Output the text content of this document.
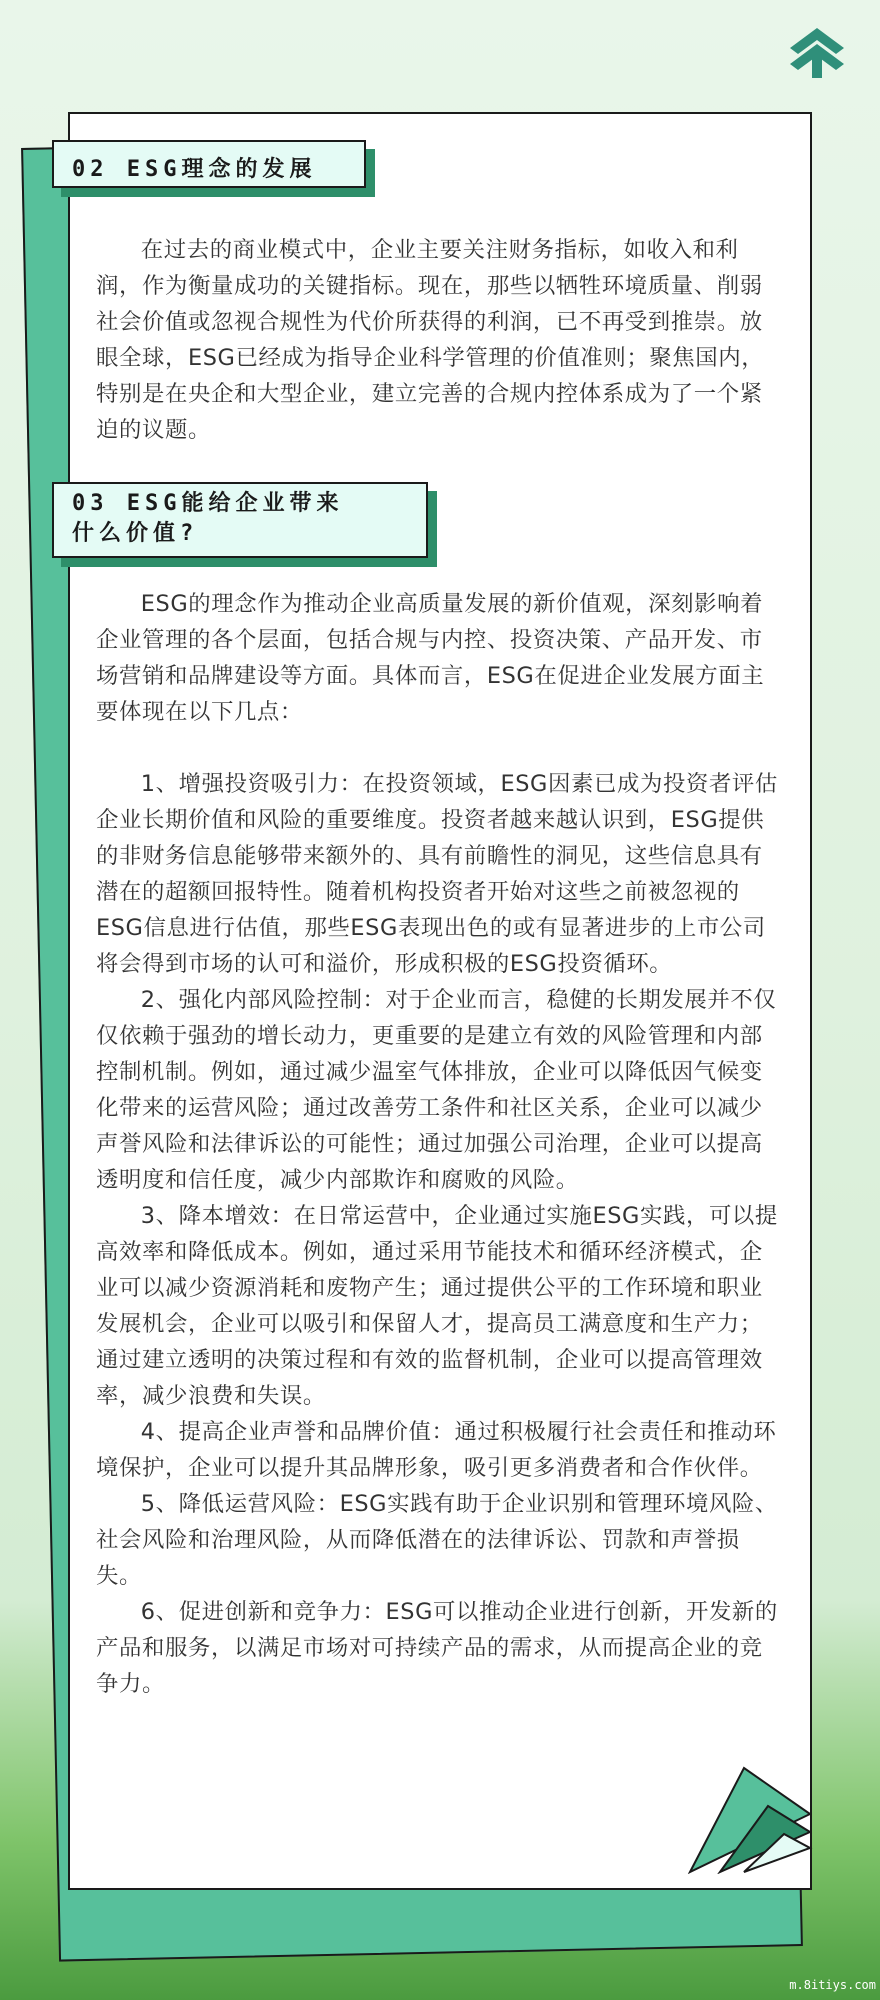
02 ESG理念的发展

在过去的商业模式中，企业主要关注财务指标，如收入和利润，作为衡量成功的关键指标。现在，那些以牺牲环境质量、削弱社会价值或忽视合规性为代价所获得的利润，已不再受到推崇。放眼全球，ESG已经成为指导企业科学管理的价值准则；聚焦国内，特别是在央企和大型企业，建立完善的合规内控体系成为了一个紧迫的议题。

03 ESG能给企业带来
什么价值?

ESG的理念作为推动企业高质量发展的新价值观，深刻影响着企业管理的各个层面，包括合规与内控、投资决策、产品开发、市场营销和品牌建设等方面。具体而言，ESG在促进企业发展方面主要体现在以下几点：

1、增强投资吸引力：在投资领域，ESG因素已成为投资者评估企业长期价值和风险的重要维度。投资者越来越认识到，ESG提供的非财务信息能够带来额外的、具有前瞻性的洞见，这些信息具有潜在的超额回报特性。随着机构投资者开始对这些之前被忽视的ESG信息进行估值，那些ESG表现出色的或有显著进步的上市公司将会得到市场的认可和溢价，形成积极的ESG投资循环。

2、强化内部风险控制：对于企业而言，稳健的长期发展并不仅仅依赖于强劲的增长动力，更重要的是建立有效的风险管理和内部控制机制。例如，通过减少温室气体排放，企业可以降低因气候变化带来的运营风险；通过改善劳工条件和社区关系，企业可以减少声誉风险和法律诉讼的可能性；通过加强公司治理，企业可以提高透明度和信任度，减少内部欺诈和腐败的风险。

3、降本增效：在日常运营中，企业通过实施ESG实践，可以提高效率和降低成本。例如，通过采用节能技术和循环经济模式，企业可以减少资源消耗和废物产生；通过提供公平的工作环境和职业发展机会，企业可以吸引和保留人才，提高员工满意度和生产力；通过建立透明的决策过程和有效的监督机制，企业可以提高管理效率，减少浪费和失误。

4、提高企业声誉和品牌价值：通过积极履行社会责任和推动环境保护，企业可以提升其品牌形象，吸引更多消费者和合作伙伴。

5、降低运营风险：ESG实践有助于企业识别和管理环境风险、社会风险和治理风险，从而降低潜在的法律诉讼、罚款和声誉损失。

6、促进创新和竞争力：ESG可以推动企业进行创新，开发新的产品和服务，以满足市场对可持续产品的需求，从而提高企业的竞争力。

m.8itiys.com
